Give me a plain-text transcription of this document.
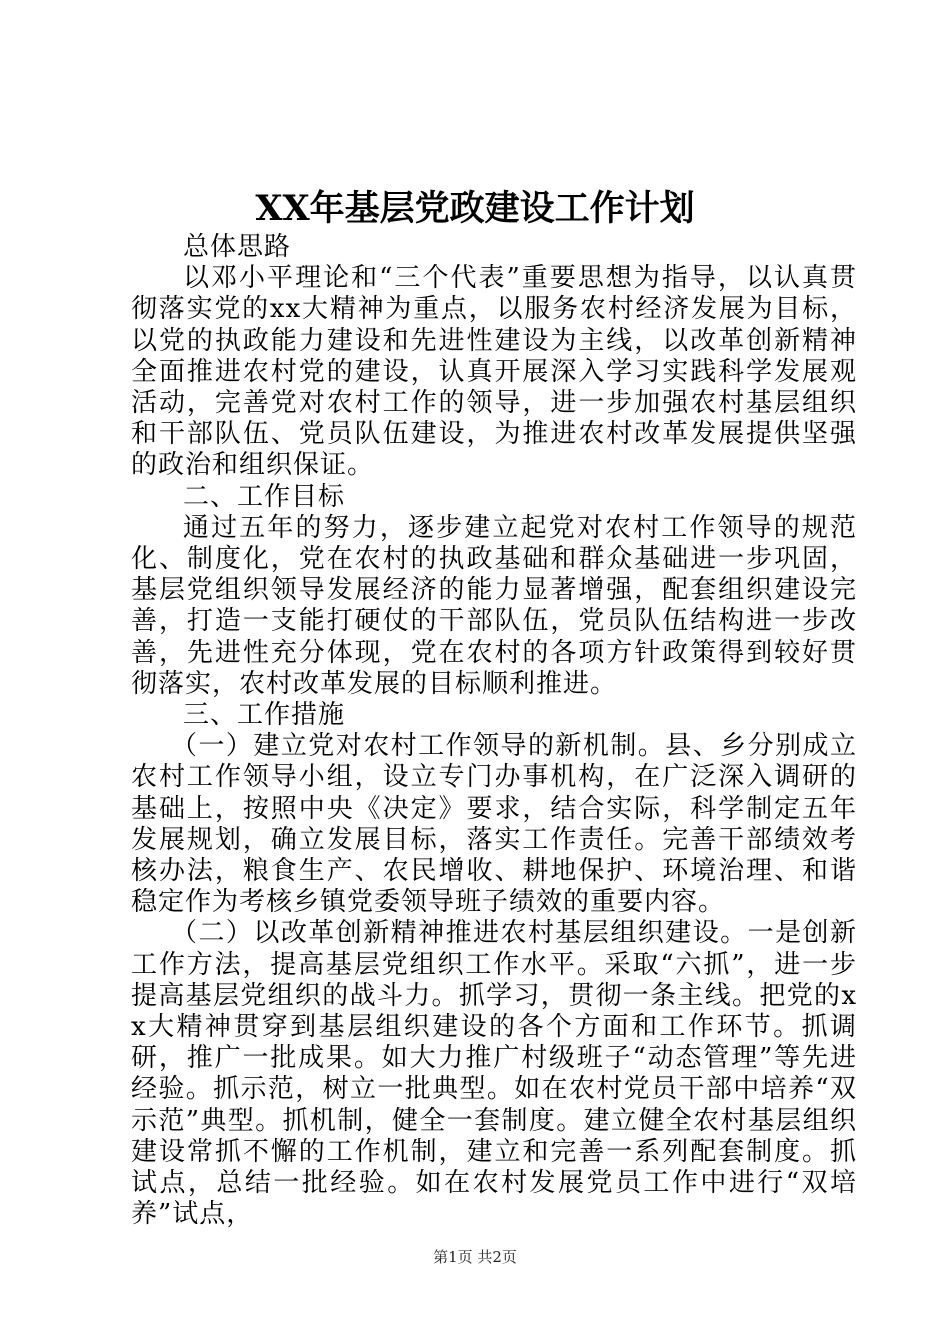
XX年基层党政建设工作计划

总体思路

以邓小平理论和“三个代表”重要思想为指导，以认真贯彻落实党的xx大精神为重点，以服务农村经济发展为目标，以党的执政能力建设和先进性建设为主线，以改革创新精神全面推进农村党的建设，认真开展深入学习实践科学发展观活动，完善党对农村工作的领导，进一步加强农村基层组织和干部队伍、党员队伍建设，为推进农村改革发展提供坚强的政治和组织保证。

二、工作目标

通过五年的努力，逐步建立起党对农村工作领导的规范化、制度化，党在农村的执政基础和群众基础进一步巩固，基层党组织领导发展经济的能力显著增强，配套组织建设完善，打造一支能打硬仗的干部队伍，党员队伍结构进一步改善，先进性充分体现，党在农村的各项方针政策得到较好贯彻落实，农村改革发展的目标顺利推进。

三、工作措施

（一）建立党对农村工作领导的新机制。县、乡分别成立农村工作领导小组，设立专门办事机构，在广泛深入调研的基础上，按照中央《决定》要求，结合实际，科学制定五年发展规划，确立发展目标，落实工作责任。完善干部绩效考核办法，粮食生产、农民增收、耕地保护、环境治理、和谐稳定作为考核乡镇党委领导班子绩效的重要内容。

（二）以改革创新精神推进农村基层组织建设。一是创新工作方法，提高基层党组织工作水平。采取“六抓”，进一步提高基层党组织的战斗力。抓学习，贯彻一条主线。把党的xx大精神贯穿到基层组织建设的各个方面和工作环节。抓调研，推广一批成果。如大力推广村级班子“动态管理”等先进经验。抓示范，树立一批典型。如在农村党员干部中培养“双示范”典型。抓机制，健全一套制度。建立健全农村基层组织建设常抓不懈的工作机制，建立和完善一系列配套制度。抓试点，总结一批经验。如在农村发展党员工作中进行“双培养”试点，

第1页 共2页
